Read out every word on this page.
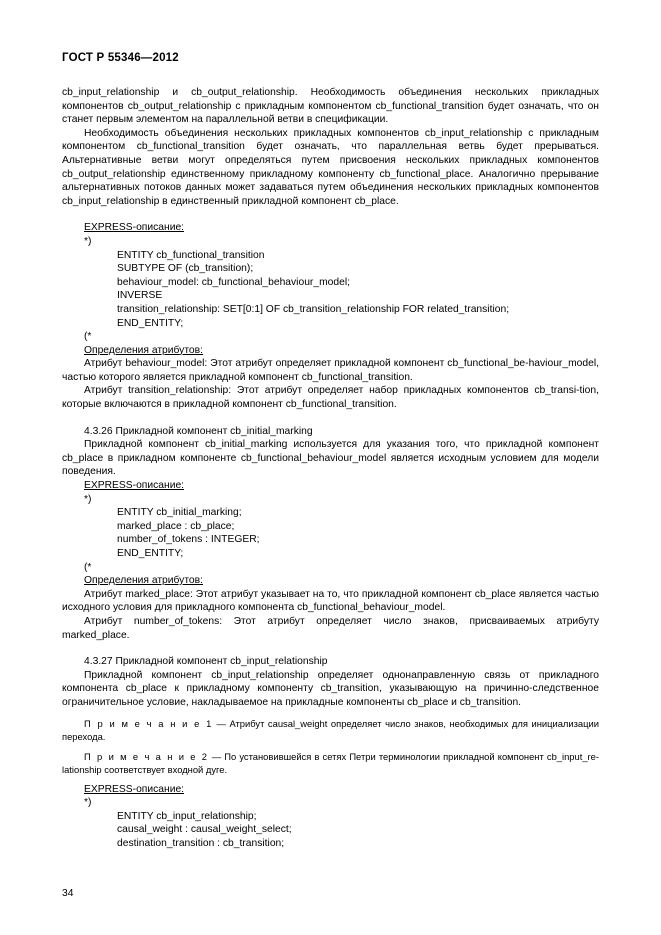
ГОСТ Р 55346—2012

cb_input_relationship и cb_output_relationship. Необходимость объединения нескольких прикладных компонентов cb_output_relationship с прикладным компонентом cb_functional_transition будет означать, что он станет первым элементом на параллельной ветви в спецификации.

Необходимость объединения нескольких прикладных компонентов cb_input_relationship с прикладным компонентом cb_functional_transition будет означать, что параллельная ветвь будет прерываться. Альтернативные ветви могут определяться путем присвоения нескольких прикладных компонентов cb_output_relationship единственному прикладному компоненту cb_functional_place. Аналогично прерывание альтернативных потоков данных может задаваться путем объединения нескольких прикладных компонентов cb_input_relationship в единственный прикладной компонент cb_place.

EXPRESS-описание:

*)

ENTITY cb_functional_transition

SUBTYPE OF (cb_transition);

behaviour_model: cb_functional_behaviour_model;

INVERSE

transition_relationship: SET[0:1] OF cb_transition_relationship FOR related_transition;

END_ENTITY;

(*

Определения атрибутов:

Атрибут behaviour_model: Этот атрибут определяет прикладной компонент cb_functional_be-haviour_model, частью которого является прикладной компонент cb_functional_transition.

Атрибут transition_relationship: Этот атрибут определяет набор прикладных компонентов cb_transi-tion, которые включаются в прикладной компонент cb_functional_transition.

4.3.26 Прикладной компонент cb_initial_marking

Прикладной компонент cb_initial_marking используется для указания того, что прикладной компонент cb_place в прикладном компоненте cb_functional_behaviour_model является исходным условием для модели поведения.

EXPRESS-описание:

*)

ENTITY cb_initial_marking;

marked_place : cb_place;

number_of_tokens : INTEGER;

END_ENTITY;

(*

Определения атрибутов:

Атрибут marked_place: Этот атрибут указывает на то, что прикладной компонент cb_place является частью исходного условия для прикладного компонента cb_functional_behaviour_model.

Атрибут number_of_tokens: Этот атрибут определяет число знаков, присваиваемых атрибуту marked_place.

4.3.27 Прикладной компонент cb_input_relationship

Прикладной компонент cb_input_relationship определяет однонаправленную связь от прикладного компонента cb_place к прикладному компоненту cb_transition, указывающую на причинно-следственное ограничительное условие, накладываемое на прикладные компоненты cb_place и cb_transition.

П р и м е ч а н и е 1 — Атрибут causal_weight определяет число знаков, необходимых для инициализации перехода.

П р и м е ч а н и е 2 — По установившейся в сетях Петри терминологии прикладной компонент cb_input_re-lationship соответствует входной дуге.

EXPRESS-описание:

*)

ENTITY cb_input_relationship;

causal_weight : causal_weight_select;

destination_transition : cb_transition;

34
